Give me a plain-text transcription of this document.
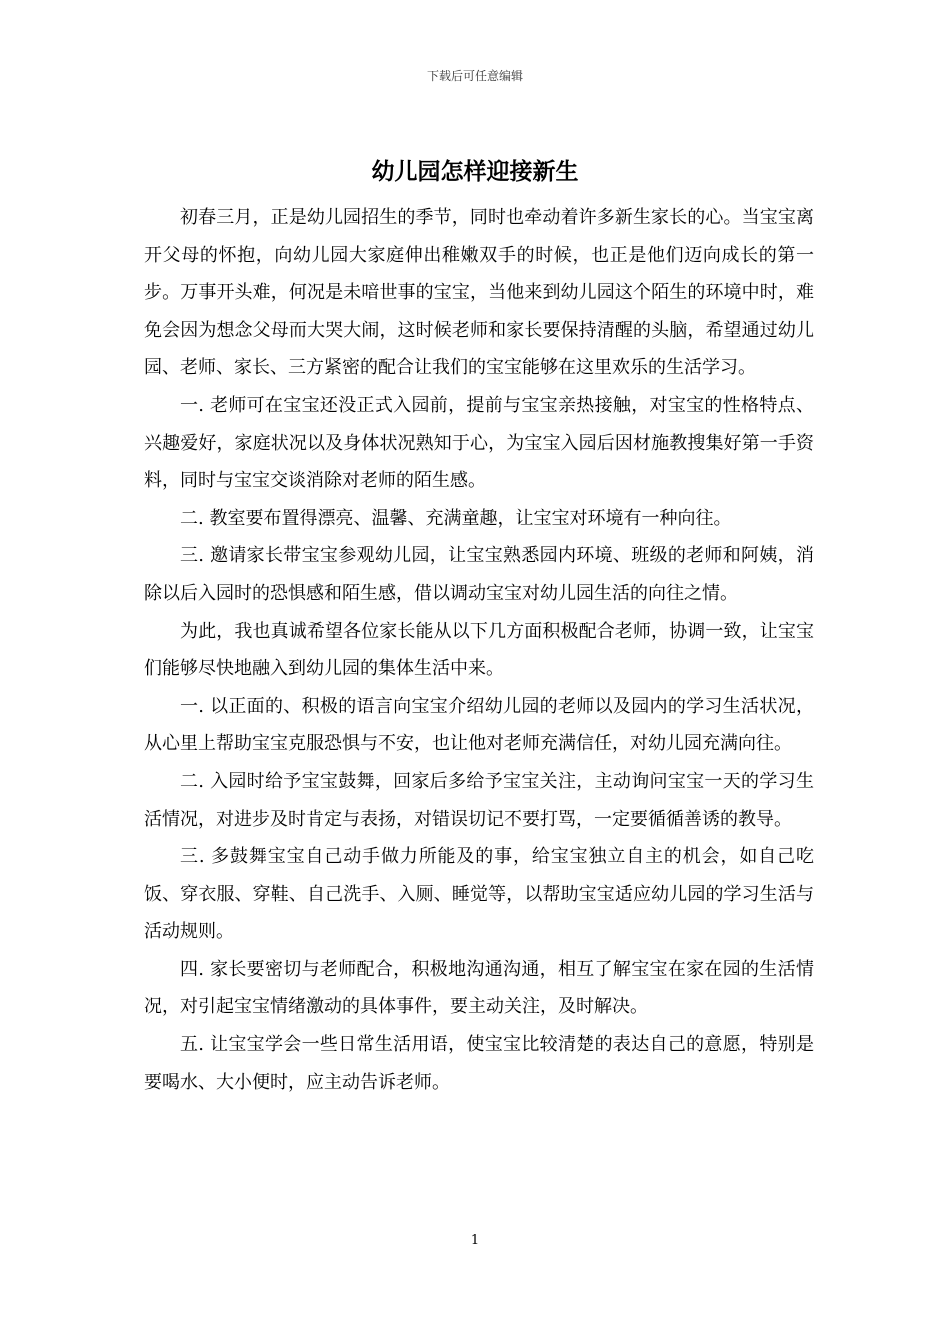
下载后可任意编辑
幼儿园怎样迎接新生

初春三月，正是幼儿园招生的季节，同时也牵动着许多新生家长的心。当宝宝离开父母的怀抱，向幼儿园大家庭伸出稚嫩双手的时候，也正是他们迈向成长的第一步。万事开头难，何况是未喑世事的宝宝，当他来到幼儿园这个陌生的环境中时，难免会因为想念父母而大哭大闹，这时候老师和家长要保持清醒的头脑，希望通过幼儿园、老师、家长、三方紧密的配合让我们的宝宝能够在这里欢乐的生活学习。

一. 老师可在宝宝还没正式入园前，提前与宝宝亲热接触，对宝宝的性格特点、兴趣爱好，家庭状况以及身体状况熟知于心，为宝宝入园后因材施教搜集好第一手资料，同时与宝宝交谈消除对老师的陌生感。

二. 教室要布置得漂亮、温馨、充满童趣，让宝宝对环境有一种向往。

三. 邀请家长带宝宝参观幼儿园，让宝宝熟悉园内环境、班级的老师和阿姨，消除以后入园时的恐惧感和陌生感，借以调动宝宝对幼儿园生活的向往之情。

为此，我也真诚希望各位家长能从以下几方面积极配合老师，协调一致，让宝宝们能够尽快地融入到幼儿园的集体生活中来。

一. 以正面的、积极的语言向宝宝介绍幼儿园的老师以及园内的学习生活状况，从心里上帮助宝宝克服恐惧与不安，也让他对老师充满信任，对幼儿园充满向往。

二. 入园时给予宝宝鼓舞，回家后多给予宝宝关注，主动询问宝宝一天的学习生活情况，对进步及时肯定与表扬，对错误切记不要打骂，一定要循循善诱的教导。

三. 多鼓舞宝宝自己动手做力所能及的事，给宝宝独立自主的机会，如自己吃饭、穿衣服、穿鞋、自己洗手、入厕、睡觉等，以帮助宝宝适应幼儿园的学习生活与活动规则。

四. 家长要密切与老师配合，积极地沟通沟通，相互了解宝宝在家在园的生活情况，对引起宝宝情绪激动的具体事件，要主动关注，及时解决。

五. 让宝宝学会一些日常生活用语，使宝宝比较清楚的表达自己的意愿，特别是要喝水、大小便时，应主动告诉老师。

1
